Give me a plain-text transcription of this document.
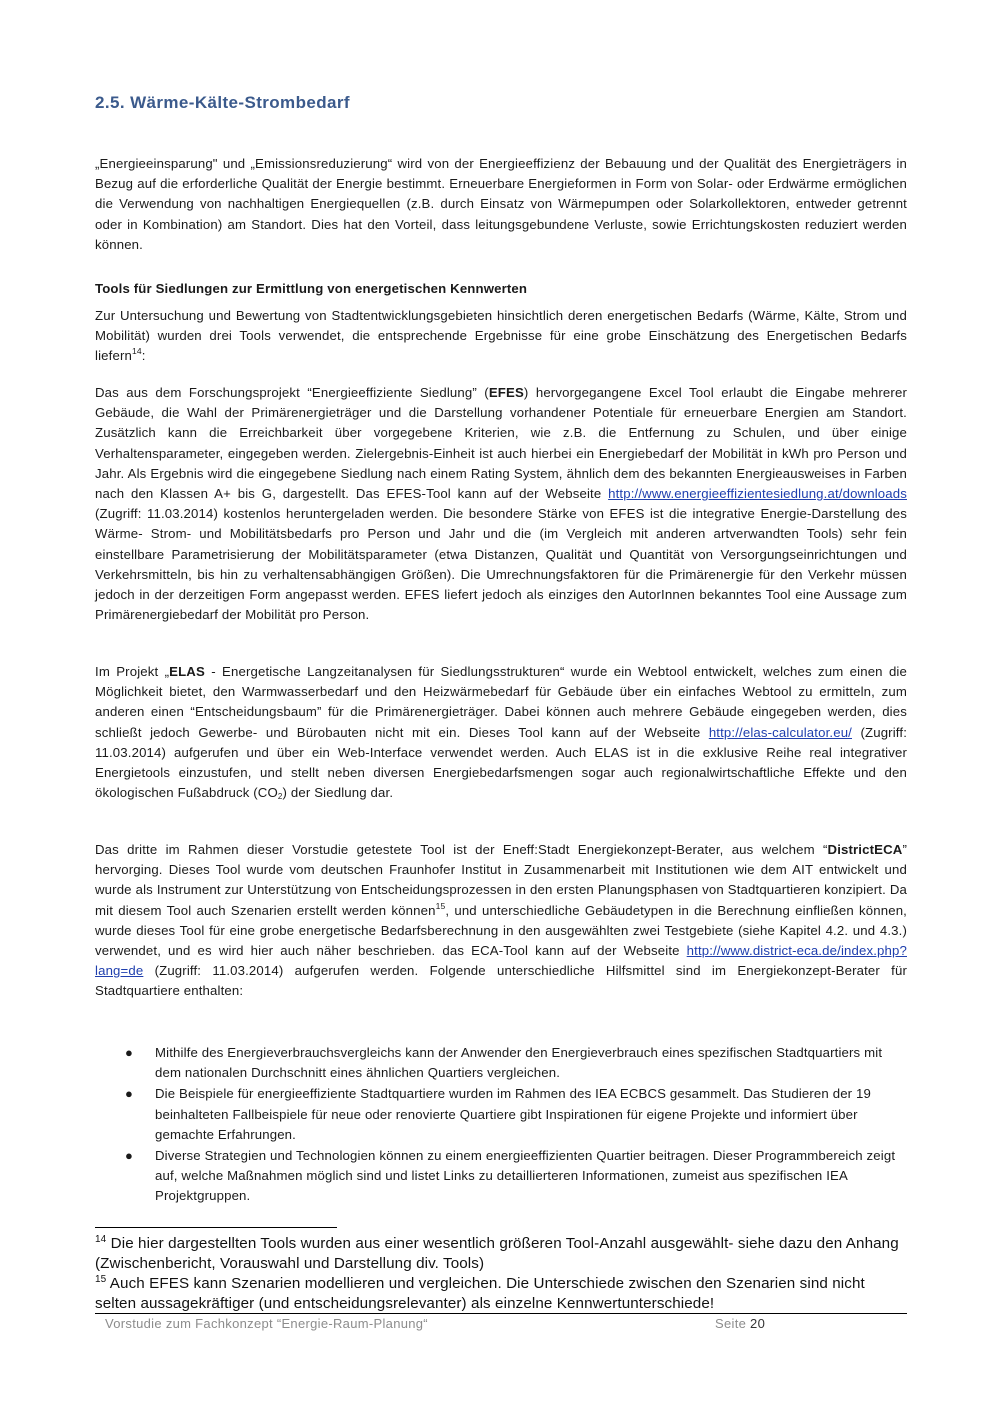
2.5. Wärme-Kälte-Strombedarf

„Energieeinsparung" und „Emissionsreduzierung“ wird von der Energieeffizienz der Bebauung und der Qualität des Energieträgers in Bezug auf die erforderliche Qualität der Energie bestimmt. Erneuerbare Energieformen in Form von Solar- oder Erdwärme ermöglichen die Verwendung von nachhaltigen Energiequellen (z.B. durch Einsatz von Wärmepumpen oder Solarkollektoren, entweder getrennt oder in Kombination) am Standort. Dies hat den Vorteil, dass leitungsgebundene Verluste, sowie Errichtungskosten reduziert werden können.

Tools für Siedlungen zur Ermittlung von energetischen Kennwerten

Zur Untersuchung und Bewertung von Stadtentwicklungsgebieten hinsichtlich deren energetischen Bedarfs (Wärme, Kälte, Strom und Mobilität) wurden drei Tools verwendet, die entsprechende Ergebnisse für eine grobe Einschätzung des Energetischen Bedarfs liefern$^{14}$:

Das aus dem Forschungsprojekt “Energieeffiziente Siedlung” (EFES) hervorgegangene Excel Tool erlaubt die Eingabe mehrerer Gebäude, die Wahl der Primärenergieträger und die Darstellung vorhandener Potentiale für erneuerbare Energien am Standort. Zusätzlich kann die Erreichbarkeit über vorgegebene Kriterien, wie z.B. die Entfernung zu Schulen, und über einige Verhaltensparameter, eingegeben werden. Zielergebnis-Einheit ist auch hierbei ein Energiebedarf der Mobilität in kWh pro Person und Jahr. Als Ergebnis wird die eingegebene Siedlung nach einem Rating System, ähnlich dem des bekannten Energieausweises in Farben nach den Klassen A+ bis G, dargestellt. Das EFES-Tool kann auf der Webseite http://www.energieeffizientesiedlung.at/downloads (Zugriff: 11.03.2014) kostenlos heruntergeladen werden. Die besondere Stärke von EFES ist die integrative Energie-Darstellung des Wärme- Strom- und Mobilitätsbedarfs pro Person und Jahr und die (im Vergleich mit anderen artverwandten Tools) sehr fein einstellbare Parametrisierung der Mobilitätsparameter (etwa Distanzen, Qualität und Quantität von Versorgungseinrichtungen und Verkehrsmitteln, bis hin zu verhaltensabhängigen Größen). Die Umrechnungsfaktoren für die Primärenergie für den Verkehr müssen jedoch in der derzeitigen Form angepasst werden. EFES liefert jedoch als einziges den AutorInnen bekanntes Tool eine Aussage zum Primärenergiebedarf der Mobilität pro Person.

Im Projekt „ELAS - Energetische Langzeitanalysen für Siedlungsstrukturen“ wurde ein Webtool entwickelt, welches zum einen die Möglichkeit bietet, den Warmwasserbedarf und den Heizwärmebedarf für Gebäude über ein einfaches Webtool zu ermitteln, zum anderen einen “Entscheidungsbaum” für die Primärenergieträger. Dabei können auch mehrere Gebäude eingegeben werden, dies schließt jedoch Gewerbe- und Bürobauten nicht mit ein. Dieses Tool kann auf der Webseite http://elas-calculator.eu/ (Zugriff: 11.03.2014) aufgerufen und über ein Web-Interface verwendet werden. Auch ELAS ist in die exklusive Reihe real integrativer Energietools einzustufen, und stellt neben diversen Energiebedarfsmengen sogar auch regionalwirtschaftliche Effekte und den ökologischen Fußabdruck $(CO_2)$ der Siedlung dar.

Das dritte im Rahmen dieser Vorstudie getestete Tool ist der Eneff:Stadt Energiekonzept-Berater, aus welchem “DistrictECA” hervorging. Dieses Tool wurde vom deutschen Fraunhofer Institut in Zusammenarbeit mit Institutionen wie dem AIT entwickelt und wurde als Instrument zur Unterstützung von Entscheidungsprozessen in den ersten Planungsphasen von Stadtquartieren konzipiert. Da mit diesem Tool auch Szenarien erstellt werden können$^{15}$, und unterschiedliche Gebäudetypen in die Berechnung einfließen können, wurde dieses Tool für eine grobe energetische Bedarfsberechnung in den ausgewählten zwei Testgebiete (siehe Kapitel 4.2. und 4.3.) verwendet, und es wird hier auch näher beschrieben. das ECA-Tool kann auf der Webseite http://www.district-eca.de/index.php?lang=de (Zugriff: 11.03.2014) aufgerufen werden. Folgende unterschiedliche Hilfsmittel sind im Energiekonzept-Berater für Stadtquartiere enthalten:

● Mithilfe des Energieverbrauchsvergleichs kann der Anwender den Energieverbrauch eines spezifischen Stadtquartiers mit dem nationalen Durchschnitt eines ähnlichen Quartiers vergleichen.
● Die Beispiele für energieeffiziente Stadtquartiere wurden im Rahmen des IEA ECBCS gesammelt. Das Studieren der 19 beinhalteten Fallbeispiele für neue oder renovierte Quartiere gibt Inspirationen für eigene Projekte und informiert über gemachte Erfahrungen.
● Diverse Strategien und Technologien können zu einem energieeffizienten Quartier beitragen. Dieser Programmbereich zeigt auf, welche Maßnahmen möglich sind und listet Links zu detaillierteren Informationen, zumeist aus spezifischen IEA Projektgruppen.

$^{14}$ Die hier dargestellten Tools wurden aus einer wesentlich größeren Tool-Anzahl ausgewählt- siehe dazu den Anhang (Zwischenbericht, Vorauswahl und Darstellung div. Tools)

$^{15}$ Auch EFES kann Szenarien modellieren und vergleichen. Die Unterschiede zwischen den Szenarien sind nicht selten aussagekräftiger (und entscheidungsrelevanter) als einzelne Kennwertunterschiede!

Vorstudie zum Fachkonzept “Energie-Raum-Planung“	Seite 20
